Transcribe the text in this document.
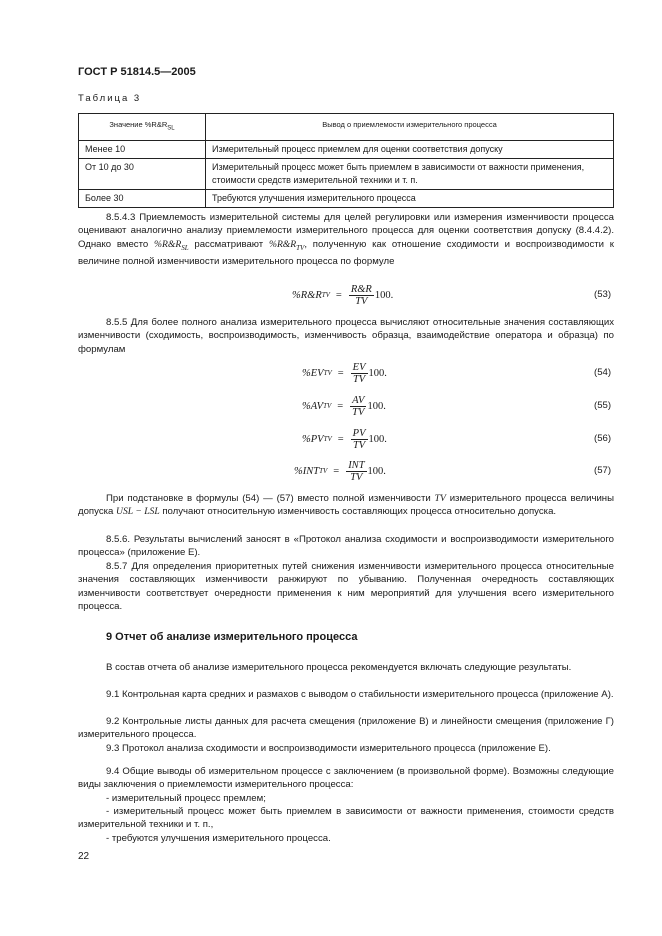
ГОСТ Р 51814.5—2005
Таблица 3
Значение $\%R\&R_{SL}$	Вывод о приемлемости измерительного процесса
Менее 10	Измерительный процесс приемлем для оценки соответствия допуску
От 10 до 30	Измерительный процесс может быть приемлем в зависимости от важности применения, стоимости средств измерительной техники и т. п.
Более 30	Требуются улучшения измерительного процесса

8.5.4.3 Приемлемость измерительной системы для целей регулировки или измерения изменчивости процесса оценивают аналогично анализу приемлемости измерительного процесса для оценки соответствия допуску (8.4.4.2). Однако вместо $\%R\&R_{SL}$ рассматривают $\%R\&R_{TV}$, полученную как отношение сходимости и воспроизводимости к величине полной изменчивости измерительного процесса по формуле

%R&R TV = $\frac{R\&R}{TV} 100$.	(53)

8.5.5 Для более полного анализа измерительного процесса вычисляют относительные значения составляющих изменчивости (сходимость, воспроизводимость, изменчивость образца, взаимодействие оператора и образца) по формулам

%EV TV = $\frac{EV}{TV} 100$.	(54)
%AV TV = $\frac{AV}{TV} 100$.	(55)
%PV TV = $\frac{PV}{TV} 100$.	(56)
%INT TV = $\frac{\text{INT}}{TV} 100$.	(57)

При подстановке в формулы (54) — (57) вместо полной изменчивости TV измерительного процесса величины допуска USL − LSL получают относительную изменчивость составляющих процесса относительно допуска.

8.5.6. Результаты вычислений заносят в «Протокол анализа сходимости и воспроизводимости измерительного процесса» (приложение Е).

8.5.7 Для определения приоритетных путей снижения изменчивости измерительного процесса относительные значения составляющих изменчивости ранжируют по убыванию. Полученная очередность составляющих изменчивости соответствует очередности применения к ним мероприятий для улучшения всего измерительного процесса.

9 Отчет об анализе измерительного процесса

В состав отчета об анализе измерительного процесса рекомендуется включать следующие результаты.

9.1 Контрольная карта средних и размахов с выводом о стабильности измерительного процесса (приложение А).

9.2 Контрольные листы данных для расчета смещения (приложение В) и линейности смещения (приложение Г) измерительного процесса.

9.3 Протокол анализа сходимости и воспроизводимости измерительного процесса (приложение Е).

9.4 Общие выводы об измерительном процессе с заключением (в произвольной форме). Возможны следующие виды заключения о приемлемости измерительного процесса:

- измерительный процесс премлем;

- измерительный процесс может быть приемлем в зависимости от важности применения, стоимости средств измерительной техники и т. п.,

- требуются улучшения измерительного процесса.

22
